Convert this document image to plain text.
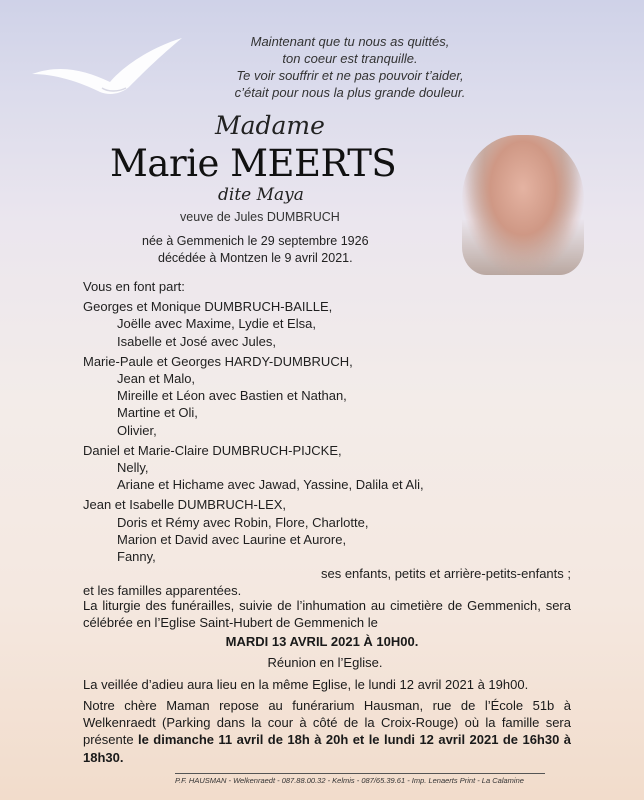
Maintenant que tu nous as quittés,
ton coeur est tranquille.
Te voir souffrir et ne pas pouvoir t’aider,
c’était pour nous la plus grande douleur.
Madame
Marie MEERTS
dite Maya
veuve de Jules DUMBRUCH
née à Gemmenich le 29 septembre 1926
décédée à Montzen le 9 avril 2021.
Vous en font part:
Georges et Monique DUMBRUCH-BAILLE,
Joëlle avec Maxime, Lydie et Elsa,
Isabelle et José avec Jules,
Marie-Paule et Georges HARDY-DUMBRUCH,
Jean et Malo,
Mireille et Léon avec Bastien et Nathan,
Martine et Oli,
Olivier,
Daniel et Marie-Claire DUMBRUCH-PIJCKE,
Nelly,
Ariane et Hichame avec Jawad, Yassine, Dalila et Ali,
Jean et Isabelle DUMBRUCH-LEX,
Doris et Rémy avec Robin, Flore, Charlotte,
Marion et David avec Laurine et Aurore,
Fanny,
ses enfants, petits et arrière-petits-enfants ;
et les familles apparentées.
La liturgie des funérailles, suivie de l’inhumation au cimetière de Gemmenich, sera célébrée en l’Eglise Saint-Hubert de Gemmenich le
MARDI 13 AVRIL 2021 À 10H00.
Réunion en l’Eglise.
La veillée d’adieu aura lieu en la même Eglise, le lundi 12 avril 2021 à 19h00.
Notre chère Maman repose au funérarium Hausman, rue de l’École 51b à Welkenraedt (Parking dans la cour à côté de la Croix-Rouge) où la famille sera présente le dimanche 11 avril de 18h à 20h et le lundi 12 avril 2021 de 16h30 à 18h30.
P.F. HAUSMAN - Welkenraedt - 087.88.00.32 - Kelmis - 087/65.39.61 - Imp. Lenaerts Print - La Calamine
